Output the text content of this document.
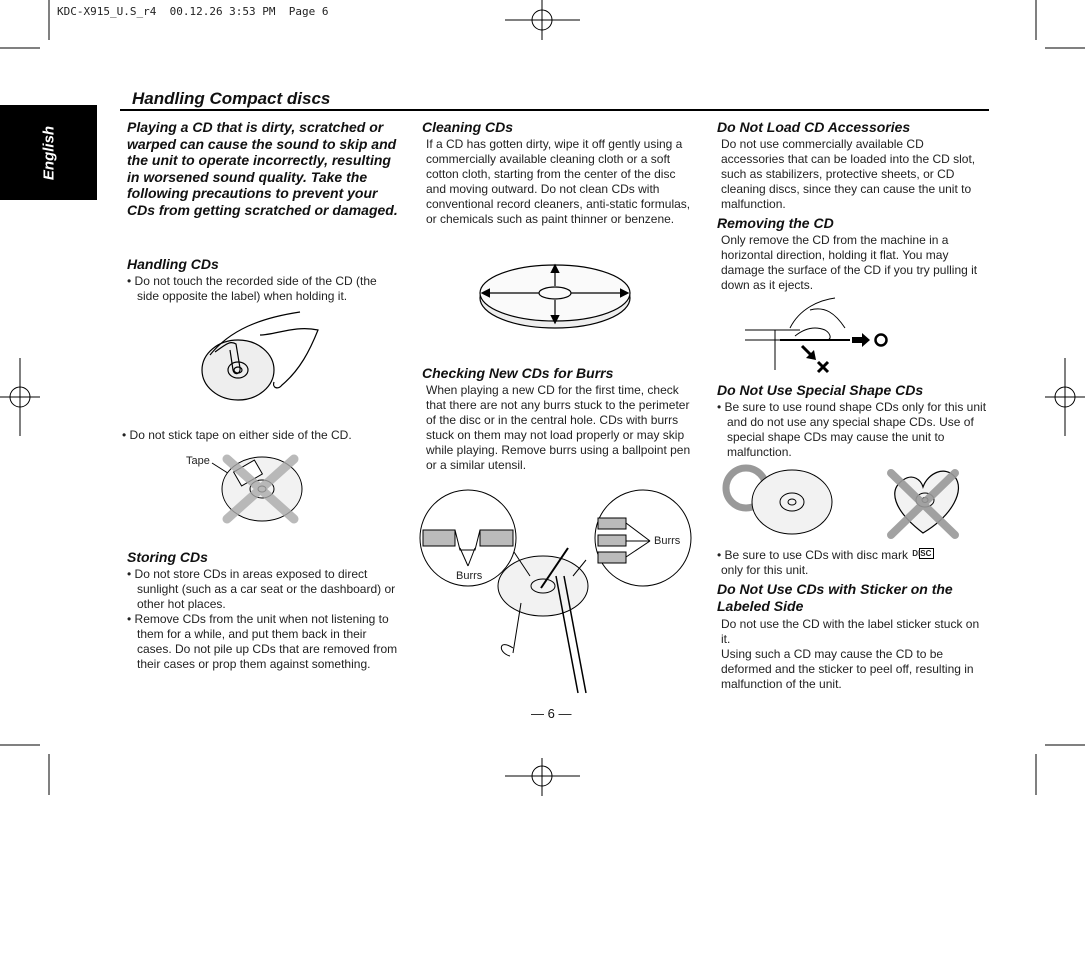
KDC-X915_U.S_r4  00.12.26 3:53 PM  Page 6
English
Handling Compact discs
Playing a CD that is dirty, scratched or warped can cause the sound to skip and the unit to operate incorrectly, resulting in worsened sound quality. Take the following precautions to prevent your CDs from getting scratched or damaged.
Handling CDs
• Do not touch the recorded side of the CD (the side opposite the label) when holding it.
• Do not stick tape on either side of the CD.
Tape
Storing CDs
• Do not store CDs in areas exposed to direct sunlight (such as a car seat or the dashboard) or other hot places.
• Remove CDs from the unit when not listening to them for a while, and put them back in their cases. Do not pile up CDs that are removed from their cases or prop them against something.
Cleaning CDs
If a CD has gotten dirty, wipe it off gently using a commercially available cleaning cloth or a soft cotton cloth, starting from the center of the disc and moving outward. Do not clean CDs with conventional record cleaners, anti-static formulas, or chemicals such as paint thinner or benzene.
Checking New CDs for Burrs
When playing a new CD for the first time, check that there are not any burrs stuck to the perimeter of the disc or in the central hole. CDs with burrs stuck on them may not load properly or may skip while playing. Remove burrs using a ballpoint pen or a similar utensil.
Burrs
Burrs
Do Not Load CD Accessories
Do not use commercially available CD accessories that can be loaded into the CD slot, such as stabilizers, protective sheets, or CD cleaning discs, since they can cause the unit to malfunction.
Removing the CD
Only remove the CD from the machine in a horizontal direction, holding it flat. You may damage the surface of the CD if you try pulling it down as it ejects.
Do Not Use Special Shape CDs
• Be sure to use round shape CDs only for this unit and do not use any special shape CDs. Use of special shape CDs may cause the unit to malfunction.
• Be sure to use CDs with disc mark DISC
only for this unit.
Do Not Use CDs with Sticker on the Labeled Side
Do not use the CD with the label sticker stuck on it.
Using such a CD may cause the CD to be deformed and the sticker to peel off, resulting in malfunction of the unit.
— 6 —
